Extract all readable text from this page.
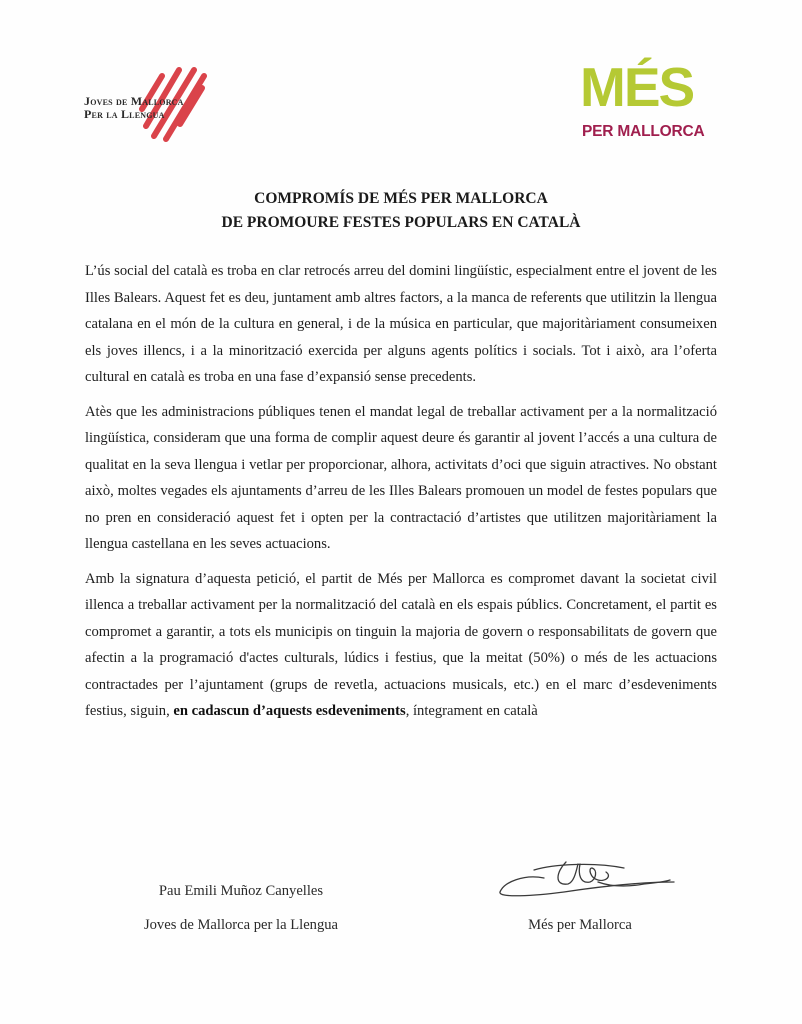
Joves de Mallorca
Per la Llengua	MÉS
PER MALLORCA
COMPROMÍS DE MÉS PER MALLORCA
DE PROMOURE FESTES POPULARS EN CATALÀ

L’ús social del català es troba en clar retrocés arreu del domini lingüístic, especialment entre el jovent de les Illes Balears. Aquest fet es deu, juntament amb altres factors, a la manca de referents que utilitzin la llengua catalana en el món de la cultura en general, i de la música en particular, que majoritàriament consumeixen els joves illencs, i a la minorització exercida per alguns agents polítics i socials. Tot i això, ara l’oferta cultural en català es troba en una fase d’expansió sense precedents.

Atès que les administracions públiques tenen el mandat legal de treballar activament per a la normalització lingüística, consideram que una forma de complir aquest deure és garantir al jovent l’accés a una cultura de qualitat en la seva llengua i vetlar per proporcionar, alhora, activitats d’oci que siguin atractives. No obstant això, moltes vegades els ajuntaments d’arreu de les Illes Balears promouen un model de festes populars que no pren en consideració aquest fet i opten per la contractació d’artistes que utilitzen majoritàriament la llengua castellana en les seves actuacions.

Amb la signatura d’aquesta petició, el partit de Més per Mallorca es compromet davant la societat civil illenca a treballar activament per la normalització del català en els espais públics. Concretament, el partit es compromet a garantir, a tots els municipis on tinguin la majoria de govern o responsabilitats de govern que afectin a la programació d'actes culturals, lúdics i festius, que la meitat (50%) o més de les actuacions contractades per l’ajuntament (grups de revetla, actuacions musicals, etc.) en el marc d’esdeveniments festius, siguin, en cadascun d’aquests esdeveniments, íntegrament en català

Pau Emili Muñoz Canyelles
Joves de Mallorca per la Llengua	Més per Mallorca
